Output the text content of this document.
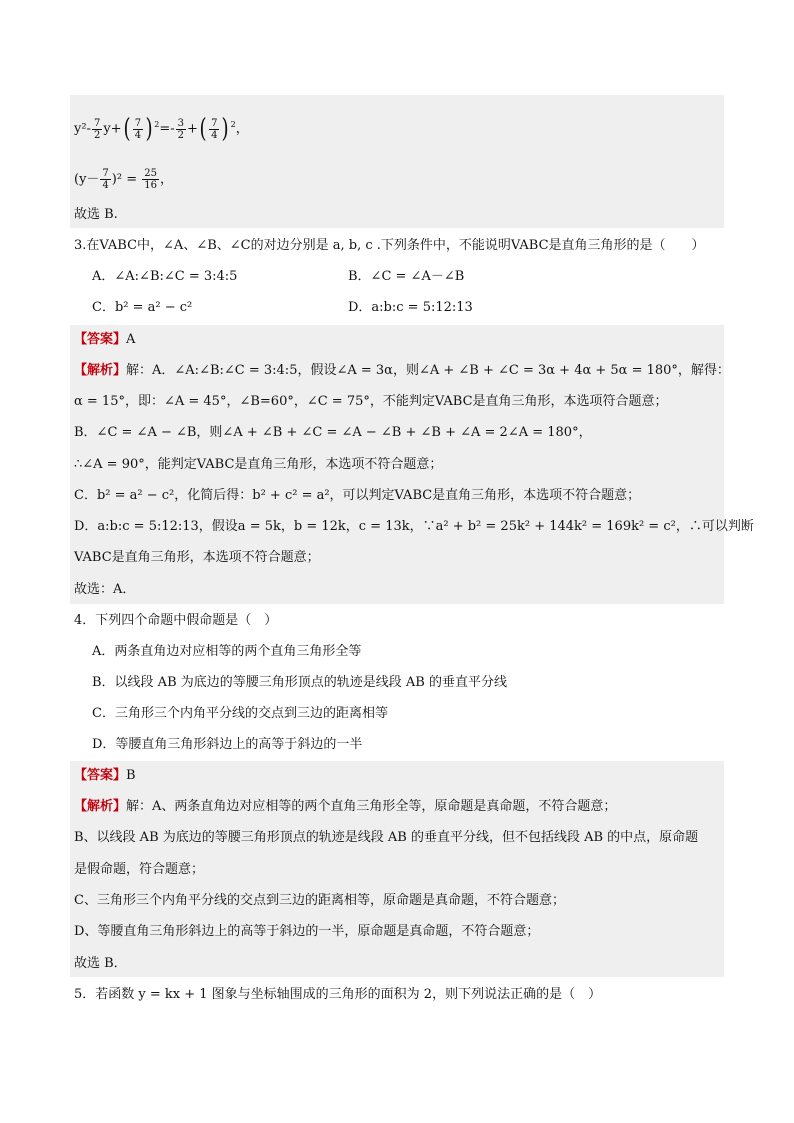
$y^2- \frac{7}{2} y+( \frac{7}{4}$ ) $^2=- \frac{3}{2}$ +( $\frac{7}{4}$ ) $^2$，
$(y- \frac{7}{4} )^2 = \frac{25}{16}$ ，
故选 B.
3.在VABC中，∠A、∠B、∠C的对边分别是 a, b, c .下列条件中，不能说明VABC是直角三角形的是（　　）
A．∠A:∠B:∠C = 3:4:5	B．∠C = ∠A－∠B
C．b² = a² − c²	D．a:b:c = 5:12:13
【答案】A
【解析】解：A．∠A:∠B:∠C = 3:4:5，假设∠A = 3α，则∠A + ∠B + ∠C = 3α + 4α + 5α = 180°，解得：
α = 15°，即：∠A = 45°，∠B=60°，∠C = 75°，不能判定VABC是直角三角形，本选项符合题意；
B．∠C = ∠A − ∠B，则∠A + ∠B + ∠C = ∠A − ∠B + ∠B + ∠A = 2∠A = 180°，
∴∠A = 90°，能判定VABC是直角三角形，本选项不符合题意；
C．b² = a² − c²，化简后得：b² + c² = a²，可以判定VABC是直角三角形，本选项不符合题意；
D．a:b:c = 5:12:13，假设a = 5k，b = 12k，c = 13k，∵a² + b² = 25k² + 144k² = 169k² = c²，∴可以判断
VABC是直角三角形，本选项不符合题意；
故选：A．
4．下列四个命题中假命题是（　）
A．两条直角边对应相等的两个直角三角形全等
B．以线段 AB 为底边的等腰三角形顶点的轨迹是线段 AB 的垂直平分线
C．三角形三个内角平分线的交点到三边的距离相等
D．等腰直角三角形斜边上的高等于斜边的一半
【答案】B
【解析】解：A、两条直角边对应相等的两个直角三角形全等，原命题是真命题，不符合题意；
B、以线段 AB 为底边的等腰三角形顶点的轨迹是线段 AB 的垂直平分线，但不包括线段 AB 的中点，原命题
是假命题，符合题意；
C、三角形三个内角平分线的交点到三边的距离相等，原命题是真命题，不符合题意；
D、等腰直角三角形斜边上的高等于斜边的一半，原命题是真命题，不符合题意；
故选 B．
5．若函数 y = kx + 1 图象与坐标轴围成的三角形的面积为 2，则下列说法正确的是（　）
